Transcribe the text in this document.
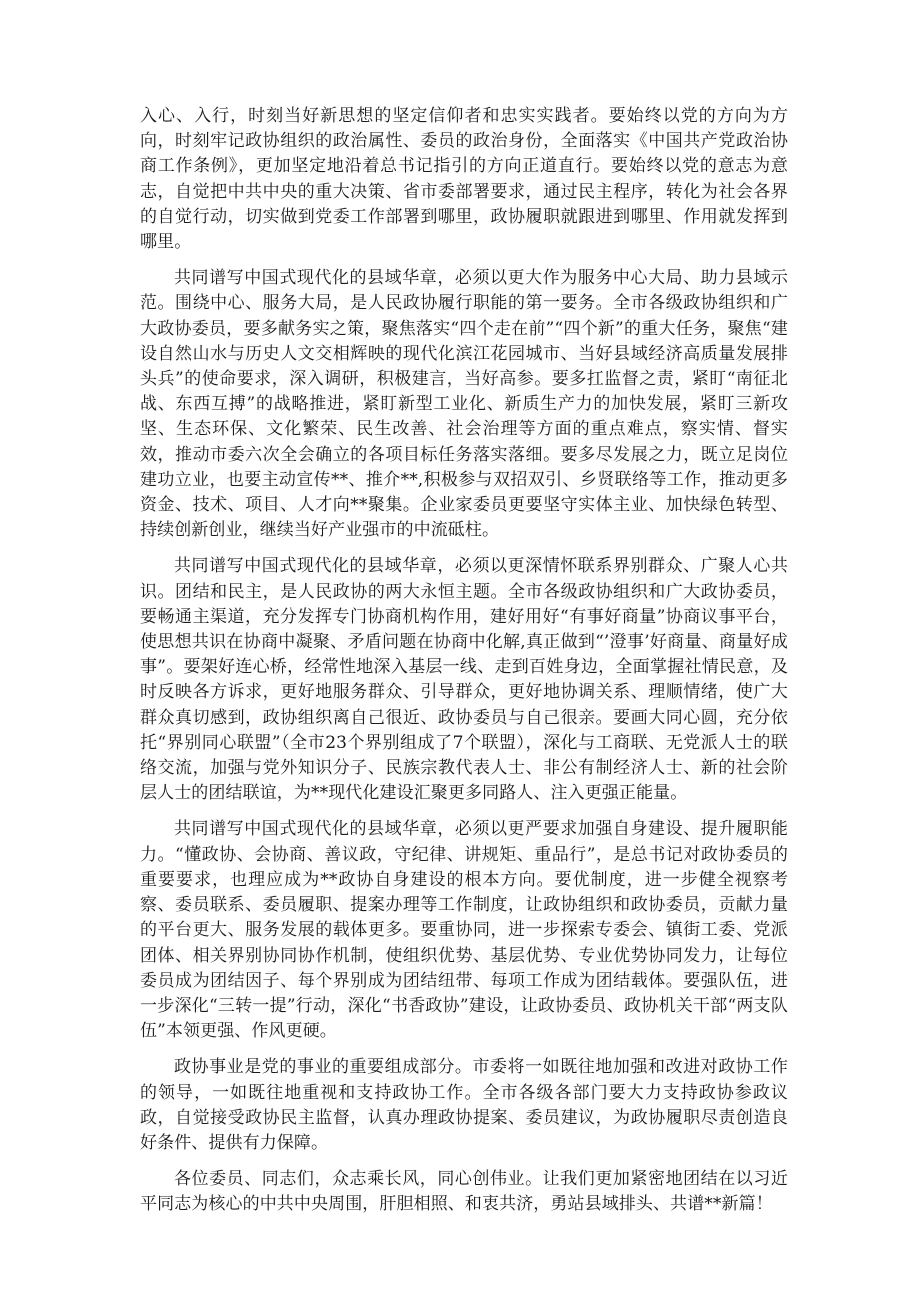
入心、入行，时刻当好新思想的坚定信仰者和忠实实践者。要始终以党的方向为方向，时刻牢记政协组织的政治属性、委员的政治身份，全面落实《中国共产党政治协商工作条例》，更加坚定地沿着总书记指引的方向正道直行。要始终以党的意志为意志，自觉把中共中央的重大决策、省市委部署要求，通过民主程序，转化为社会各界的自觉行动，切实做到党委工作部署到哪里，政协履职就跟进到哪里、作用就发挥到哪里。

共同谱写中国式现代化的县域华章，必须以更大作为服务中心大局、助力县域示范。围绕中心、服务大局，是人民政协履行职能的第一要务。全市各级政协组织和广大政协委员，要多献务实之策，聚焦落实“四个走在前”“四个新”的重大任务，聚焦“建设自然山水与历史人文交相辉映的现代化滨江花园城市、当好县域经济高质量发展排头兵”的使命要求，深入调研，积极建言，当好高参。要多扛监督之责，紧盯“南征北战、东西互搏”的战略推进，紧盯新型工业化、新质生产力的加快发展，紧盯三新攻坚、生态环保、文化繁荣、民生改善、社会治理等方面的重点难点，察实情、督实效，推动市委六次全会确立的各项目标任务落实落细。要多尽发展之力，既立足岗位建功立业，也要主动宣传**、推介**,积极参与双招双引、乡贤联络等工作，推动更多资金、技术、项目、人才向**聚集。企业家委员更要坚守实体主业、加快绿色转型、持续创新创业，继续当好产业强市的中流砥柱。

共同谱写中国式现代化的县域华章，必须以更深情怀联系界别群众、广聚人心共识。团结和民主，是人民政协的两大永恒主题。全市各级政协组织和广大政协委员，要畅通主渠道，充分发挥专门协商机构作用，建好用好“有事好商量”协商议事平台，使思想共识在协商中凝聚、矛盾问题在协商中化解,真正做到“’澄事’好商量、商量好成事”。要架好连心桥，经常性地深入基层一线、走到百姓身边，全面掌握社情民意，及时反映各方诉求，更好地服务群众、引导群众，更好地协调关系、理顺情绪，使广大群众真切感到，政协组织离自己很近、政协委员与自己很亲。要画大同心圆，充分依托“界别同心联盟”（全市23个界别组成了7个联盟），深化与工商联、无党派人士的联络交流，加强与党外知识分子、民族宗教代表人士、非公有制经济人士、新的社会阶层人士的团结联谊，为**现代化建设汇聚更多同路人、注入更强正能量。

共同谱写中国式现代化的县域华章，必须以更严要求加强自身建设、提升履职能力。“懂政协、会协商、善议政，守纪律、讲规矩、重品行”，是总书记对政协委员的重要要求，也理应成为**政协自身建设的根本方向。要优制度，进一步健全视察考察、委员联系、委员履职、提案办理等工作制度，让政协组织和政协委员，贡献力量的平台更大、服务发展的载体更多。要重协同，进一步探索专委会、镇街工委、党派团体、相关界别协同协作机制，使组织优势、基层优势、专业优势协同发力，让每位委员成为团结因子、每个界别成为团结纽带、每项工作成为团结载体。要强队伍，进一步深化“三转一提”行动，深化“书香政协”建设，让政协委员、政协机关干部“两支队伍”本领更强、作风更硬。

政协事业是党的事业的重要组成部分。市委将一如既往地加强和改进对政协工作的领导，一如既往地重视和支持政协工作。全市各级各部门要大力支持政协参政议政，自觉接受政协民主监督，认真办理政协提案、委员建议，为政协履职尽责创造良好条件、提供有力保障。

各位委员、同志们，众志乘长风，同心创伟业。让我们更加紧密地团结在以习近平同志为核心的中共中央周围，肝胆相照、和衷共济，勇站县域排头、共谱**新篇！
